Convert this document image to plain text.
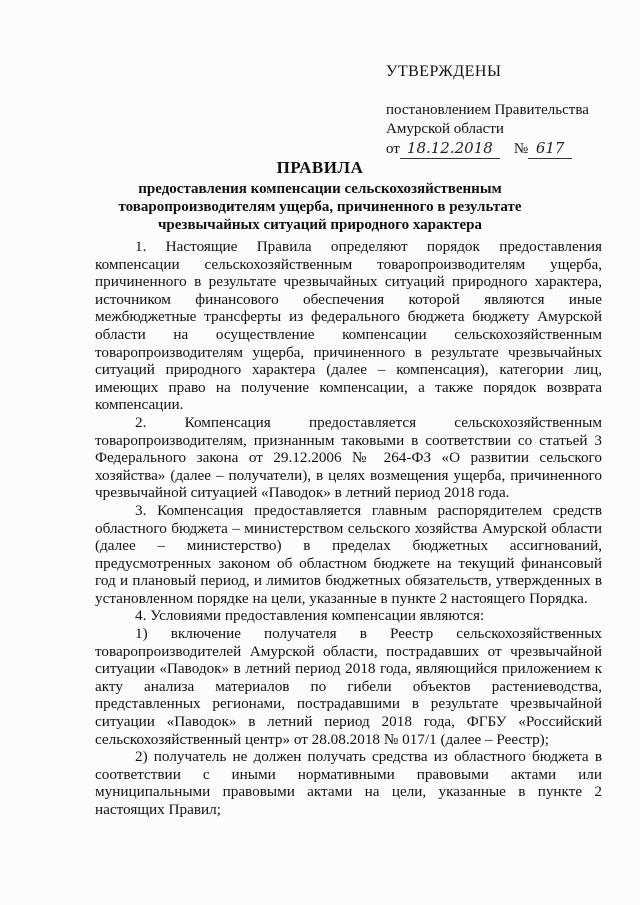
УТВЕРЖДЕНЫ
постановлением Правительства
Амурской области
от 18.12.2018	№ 617
ПРАВИЛА
предоставления компенсации сельскохозяйственным товаропроизводителям ущерба, причиненного в результате чрезвычайных ситуаций природного характера

1. Настоящие Правила определяют порядок предоставления компенсации сельскохозяйственным товаропроизводителям ущерба, причиненного в результате чрезвычайных ситуаций природного характера, источником финансового обеспечения которой являются иные межбюджетные трансферты из федерального бюджета бюджету Амурской области на осуществление компенсации сельскохозяйственным товаропроизводителям ущерба, причиненного в результате чрезвычайных ситуаций природного характера (далее – компенсация), категории лиц, имеющих право на получение компенсации, а также порядок возврата компенсации.

2. Компенсация предоставляется сельскохозяйственным товаропроизводителям, признанным таковыми в соответствии со статьей 3 Федерального закона от 29.12.2006 № 264-ФЗ «О развитии сельского хозяйства» (далее – получатели), в целях возмещения ущерба, причиненного чрезвычайной ситуацией «Паводок» в летний период 2018 года.

3. Компенсация предоставляется главным распорядителем средств областного бюджета – министерством сельского хозяйства Амурской области (далее – министерство) в пределах бюджетных ассигнований, предусмотренных законом об областном бюджете на текущий финансовый год и плановый период, и лимитов бюджетных обязательств, утвержденных в установленном порядке на цели, указанные в пункте 2 настоящего Порядка.

4. Условиями предоставления компенсации являются:

1) включение получателя в Реестр сельскохозяйственных товаропроизводителей Амурской области, пострадавших от чрезвычайной ситуации «Паводок» в летний период 2018 года, являющийся приложением к акту анализа материалов по гибели объектов растениеводства, представленных регионами, пострадавшими в результате чрезвычайной ситуации «Паводок» в летний период 2018 года, ФГБУ «Российский сельскохозяйственный центр» от 28.08.2018 № 017/1 (далее – Реестр);

2) получатель не должен получать средства из областного бюджета в соответствии с иными нормативными правовыми актами или муниципальными правовыми актами на цели, указанные в пункте 2 настоящих Правил;
